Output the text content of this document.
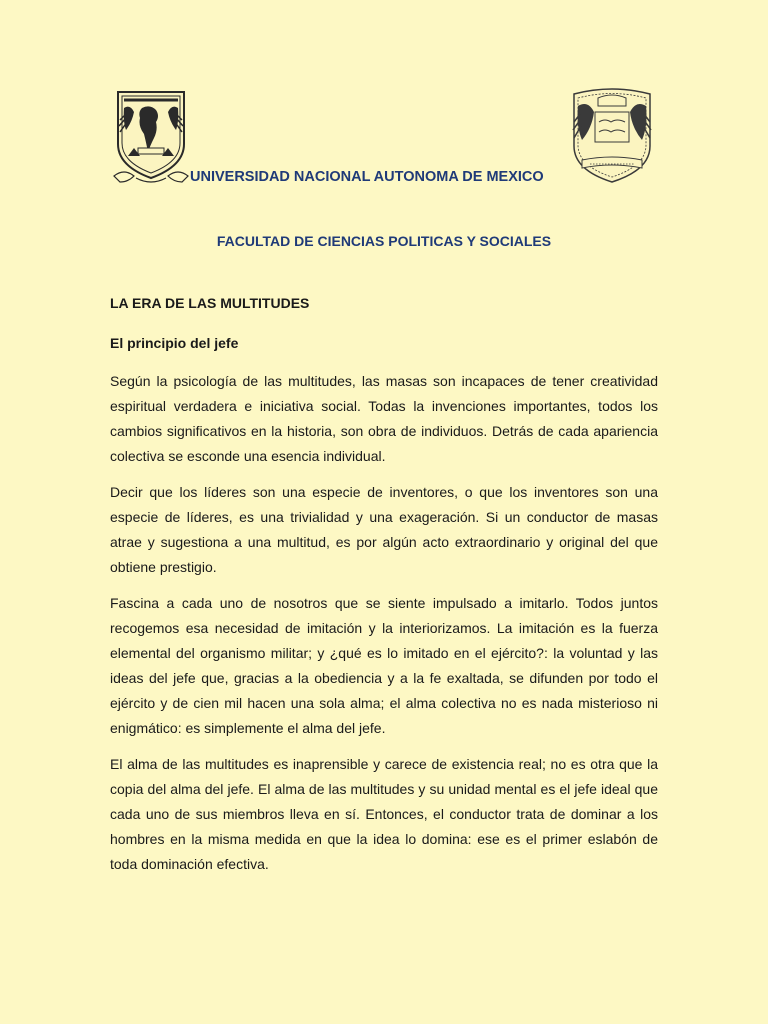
UNIVERSIDAD NACIONAL AUTONOMA DE MEXICO
FACULTAD DE CIENCIAS POLITICAS Y SOCIALES
LA ERA DE LAS MULTITUDES
El principio del jefe

Según la psicología de las multitudes, las masas son incapaces de tener creatividad espiritual verdadera e iniciativa social. Todas la invenciones importantes, todos los cambios significativos en la historia, son obra de individuos. Detrás de cada apariencia colectiva se esconde una esencia individual.

Decir que los líderes son una especie de inventores, o que los inventores son una especie de líderes, es una trivialidad y una exageración. Si un conductor de masas atrae y sugestiona a una multitud, es por algún acto extraordinario y original del que obtiene prestigio.

Fascina a cada uno de nosotros que se siente impulsado a imitarlo. Todos juntos recogemos esa necesidad de imitación y la interiorizamos. La imitación es la fuerza elemental del organismo militar; y ¿qué es lo imitado en el ejército?: la voluntad y las ideas del jefe que, gracias a la obediencia y a la fe exaltada, se difunden por todo el ejército y de cien mil hacen una sola alma; el alma colectiva no es nada misterioso ni enigmático: es simplemente el alma del jefe.

El alma de las multitudes es inaprensible y carece de existencia real; no es otra que la copia del alma del jefe. El alma de las multitudes y su unidad mental es el jefe ideal que cada uno de sus miembros lleva en sí. Entonces, el conductor trata de dominar a los hombres en la misma medida en que la idea lo domina: ese es el primer eslabón de toda dominación efectiva.
